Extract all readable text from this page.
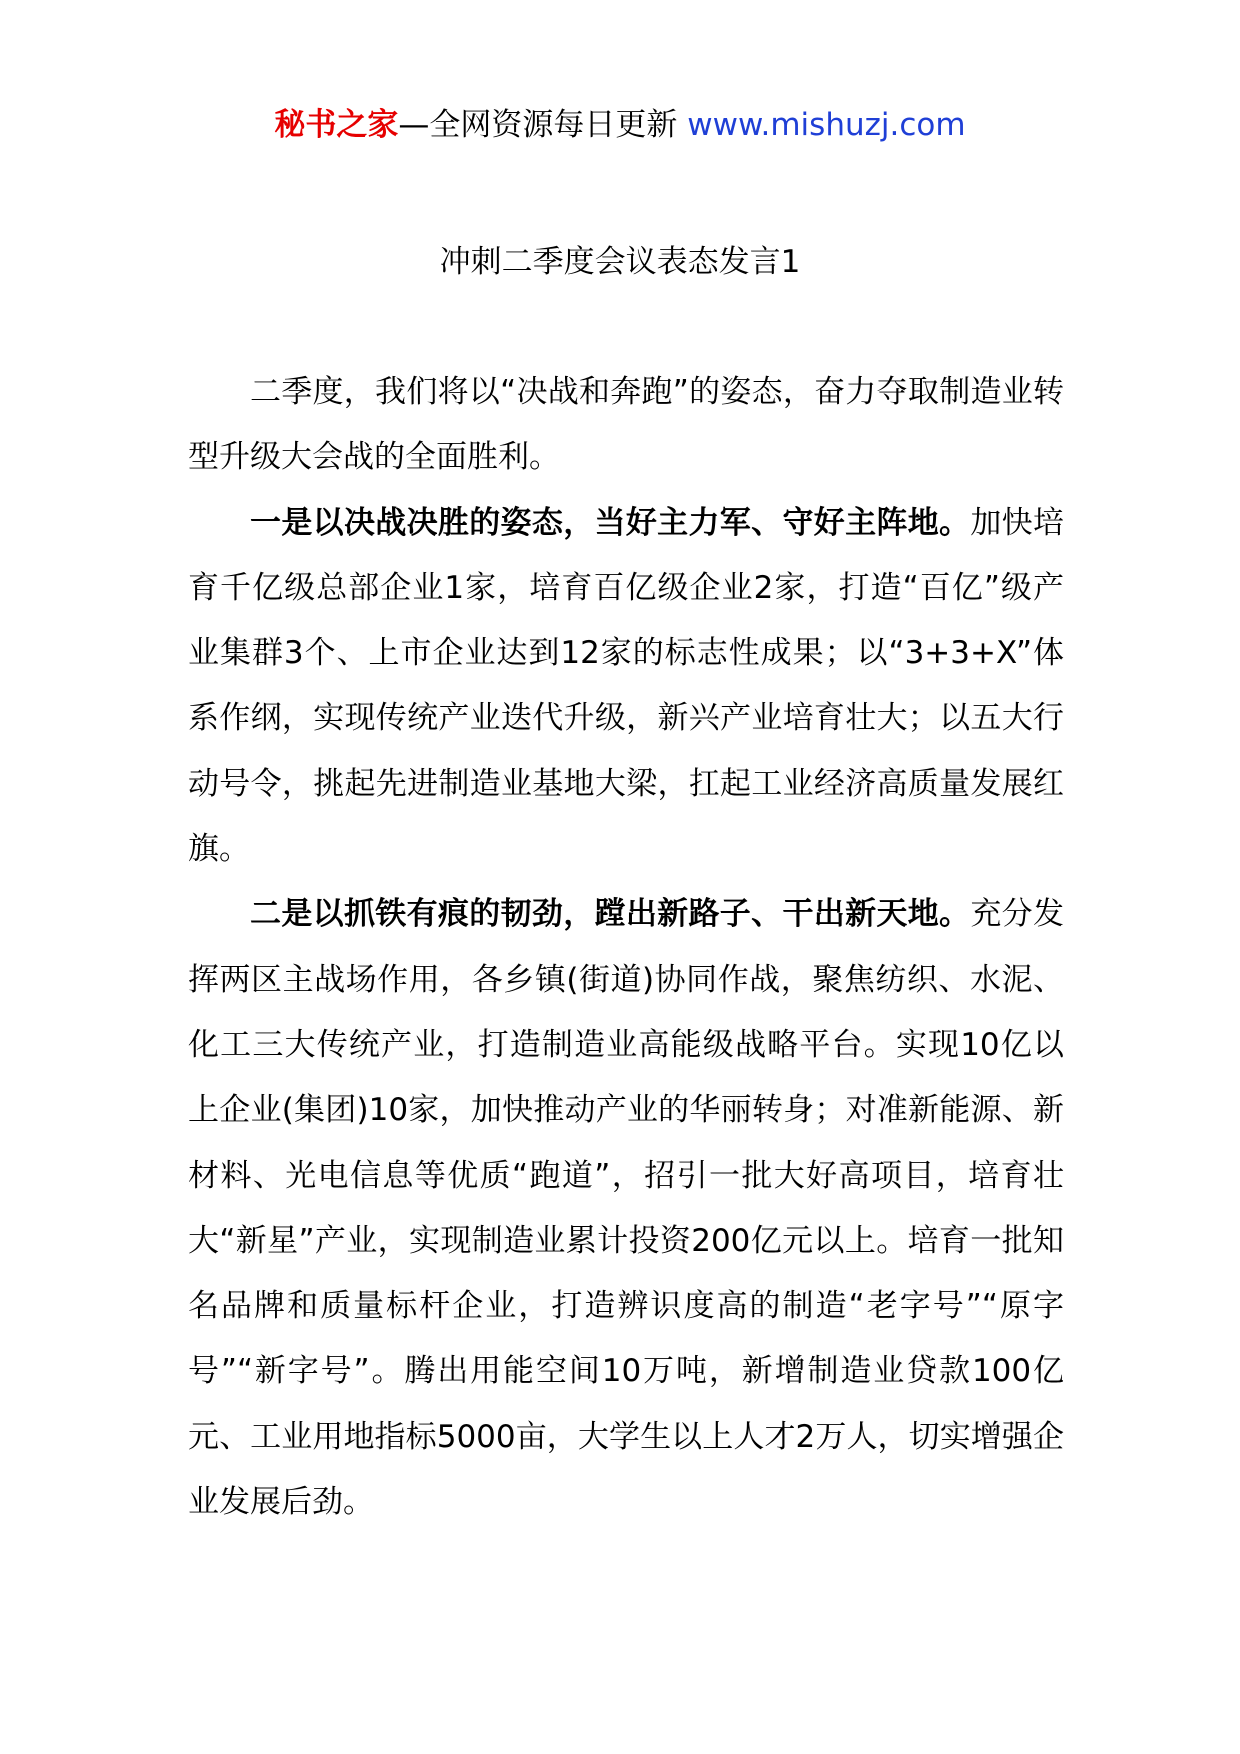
秘书之家—全网资源每日更新 www.mishuzj.com
冲刺二季度会议表态发言1

二季度，我们将以“决战和奔跑”的姿态，奋力夺取制造业转型升级大会战的全面胜利。

一是以决战决胜的姿态，当好主力军、守好主阵地。加快培育千亿级总部企业1家，培育百亿级企业2家，打造“百亿”级产业集群3个、上市企业达到12家的标志性成果；以“3+3+X”体系作纲，实现传统产业迭代升级，新兴产业培育壮大；以五大行动号令，挑起先进制造业基地大梁，扛起工业经济高质量发展红旗。

二是以抓铁有痕的韧劲，蹚出新路子、干出新天地。充分发挥两区主战场作用，各乡镇(街道)协同作战，聚焦纺织、水泥、化工三大传统产业，打造制造业高能级战略平台。实现10亿以上企业(集团)10家，加快推动产业的华丽转身；对准新能源、新材料、光电信息等优质“跑道”，招引一批大好高项目，培育壮大“新星”产业，实现制造业累计投资200亿元以上。培育一批知名品牌和质量标杆企业，打造辨识度高的制造“老字号”“原字号”“新字号”。腾出用能空间10万吨，新增制造业贷款100亿元、工业用地指标5000亩，大学生以上人才2万人，切实增强企业发展后劲。
